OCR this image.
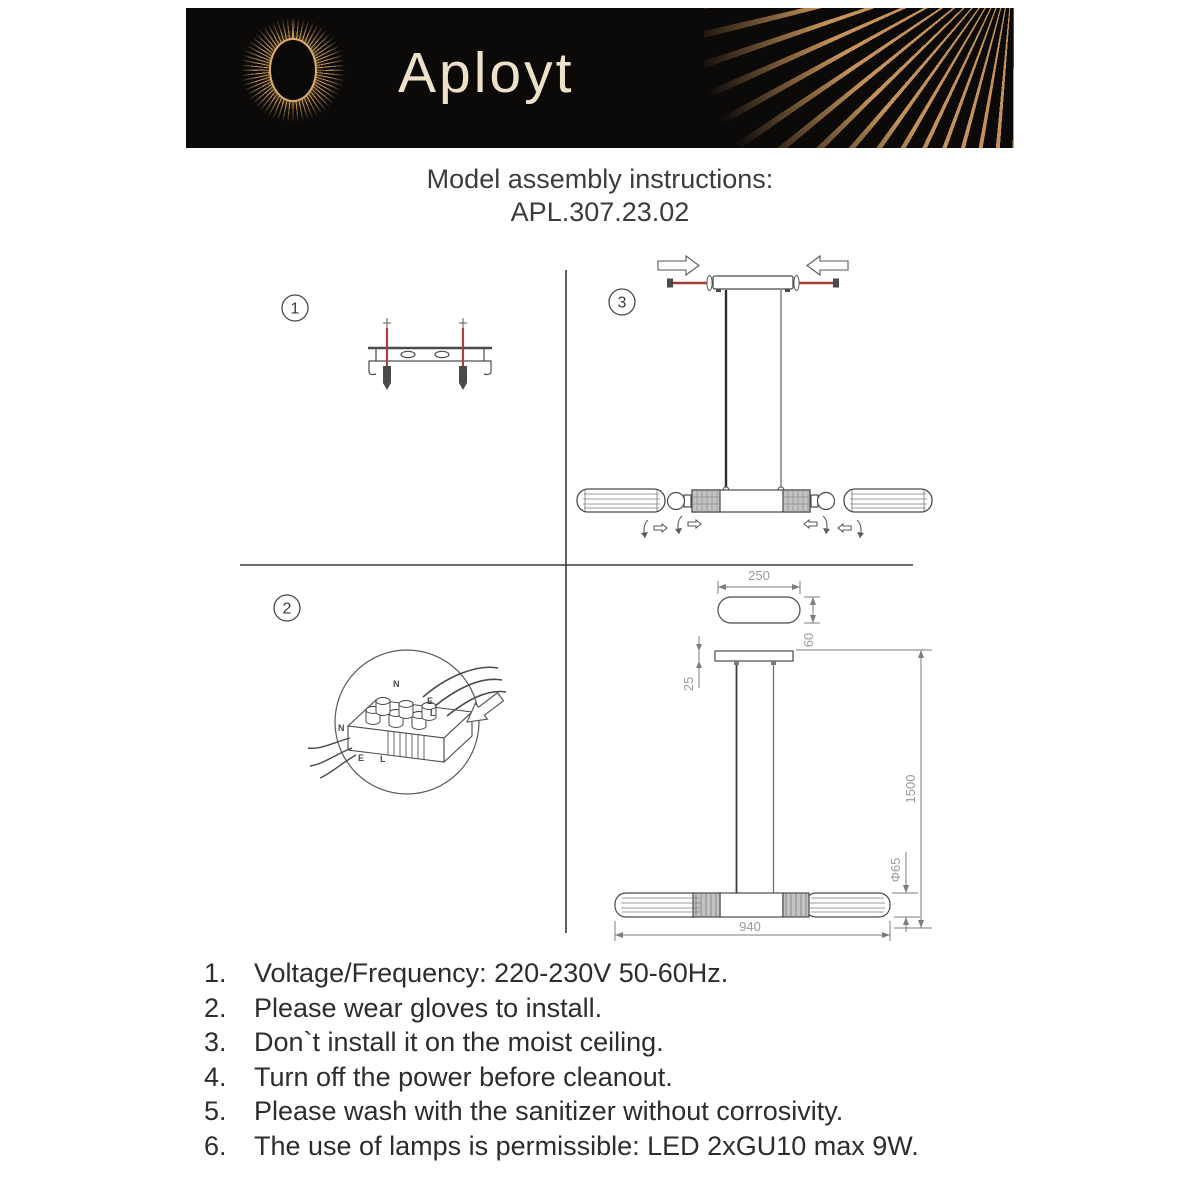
Aployt
Model assembly instructions:
APL.307.23.02
1	3
2
N
E
L
N
E L
250
60
25
1500
Φ65
940
1.	Voltage/Frequency: 220-230V 50-60Hz.
2.	Please wear gloves to install.
3.	Don`t install it on the moist ceiling.
4.	Turn off the power before cleanout.
5.	Please wash with the sanitizer without corrosivity.
6.	The use of lamps is permissible: LED 2xGU10 max 9W.
